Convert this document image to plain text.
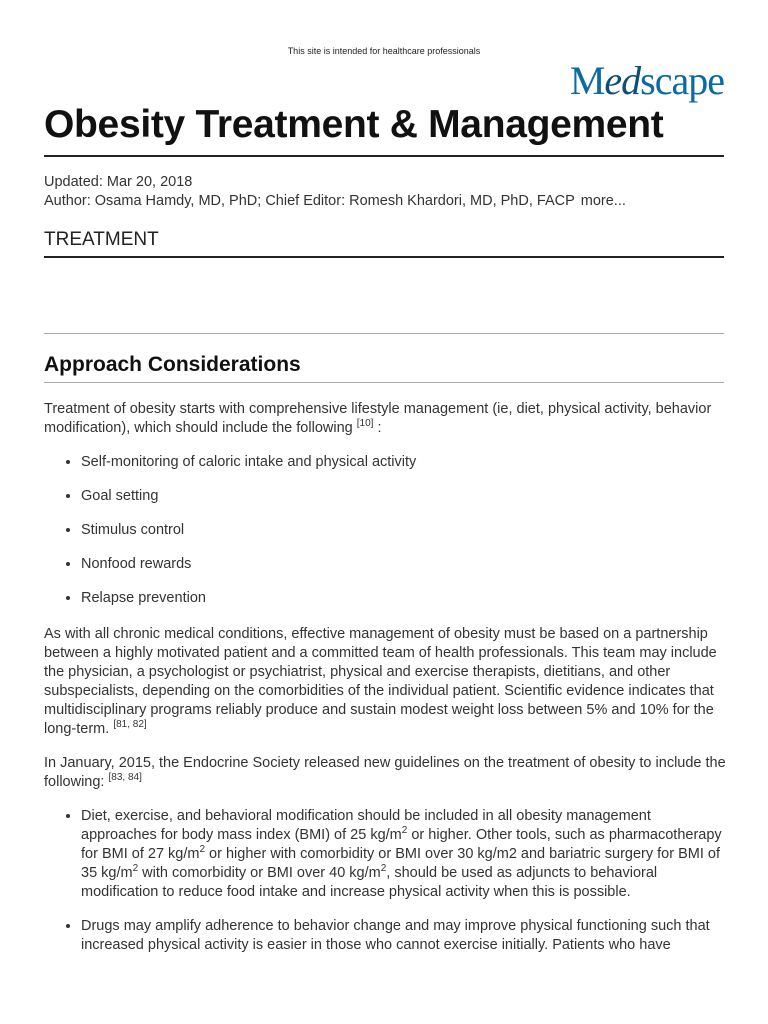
This site is intended for healthcare professionals
Medscape
Obesity Treatment & Management
Updated: Mar 20, 2018
Author: Osama Hamdy, MD, PhD; Chief Editor: Romesh Khardori, MD, PhD, FACP more...
TREATMENT
Approach Considerations

Treatment of obesity starts with comprehensive lifestyle management (ie, diet, physical activity, behavior modification), which should include the following [10] :

• Self-monitoring of caloric intake and physical activity
• Goal setting
• Stimulus control
• Nonfood rewards
• Relapse prevention

As with all chronic medical conditions, effective management of obesity must be based on a partnership between a highly motivated patient and a committed team of health professionals. This team may include the physician, a psychologist or psychiatrist, physical and exercise therapists, dietitians, and other subspecialists, depending on the comorbidities of the individual patient. Scientific evidence indicates that multidisciplinary programs reliably produce and sustain modest weight loss between 5% and 10% for the long-term. [81, 82]

In January, 2015, the Endocrine Society released new guidelines on the treatment of obesity to include the following: [83, 84]

• Diet, exercise, and behavioral modification should be included in all obesity management approaches for body mass index (BMI) of 25 $kg/m^2$ or higher. Other tools, such as pharmacotherapy for BMI of 27 $kg/m^2$ or higher with comorbidity or BMI over 30 kg/m2 and bariatric surgery for BMI of 35 $kg/m^2$ with comorbidity or BMI over 40 $kg/m^2$, should be used as adjuncts to behavioral modification to reduce food intake and increase physical activity when this is possible.
• Drugs may amplify adherence to behavior change and may improve physical functioning such that increased physical activity is easier in those who cannot exercise initially. Patients who have
